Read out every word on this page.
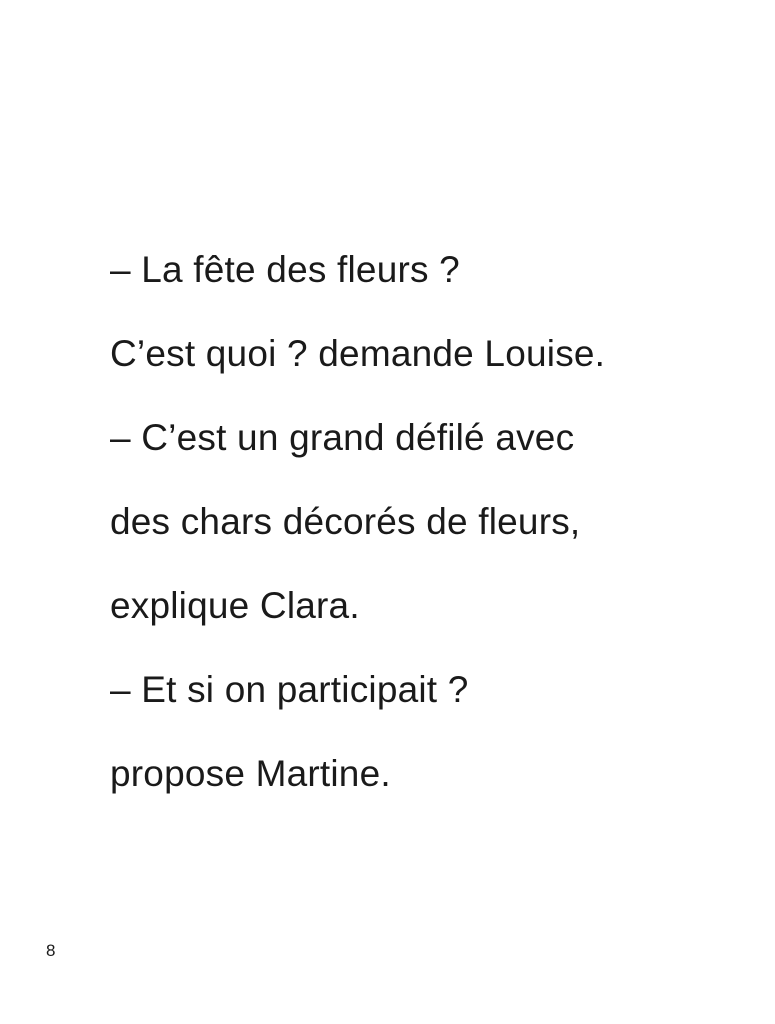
– La fête des fleurs ?
C’est quoi ? demande Louise.
– C’est un grand défilé avec
des chars décorés de fleurs,
explique Clara.
– Et si on participait ?
propose Martine.
8
